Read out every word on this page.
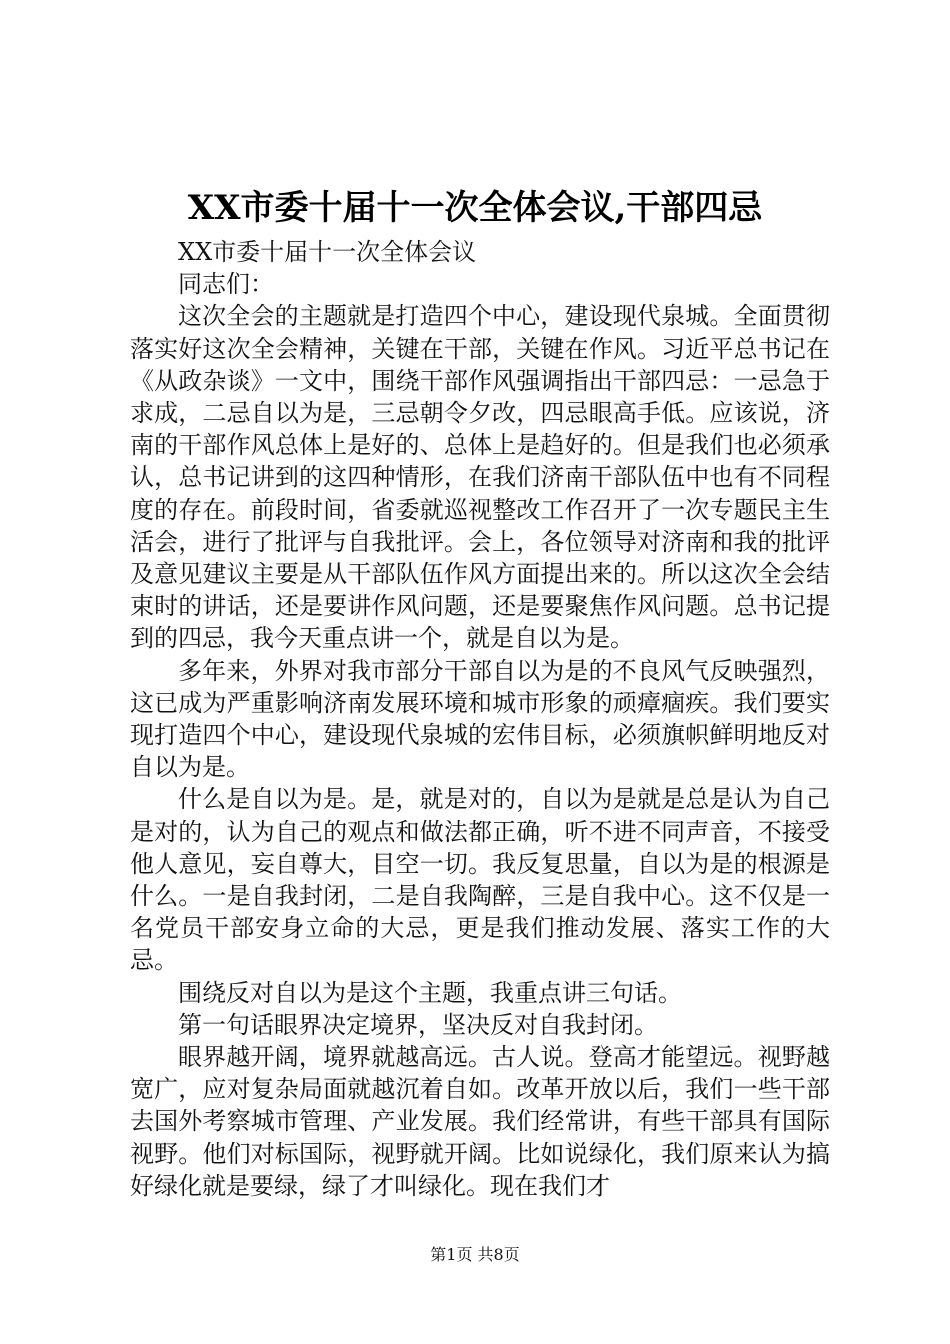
XX市委十届十一次全体会议,干部四忌

XX市委十届十一次全体会议

同志们：

这次全会的主题就是打造四个中心，建设现代泉城。全面贯彻落实好这次全会精神，关键在干部，关键在作风。习近平总书记在《从政杂谈》一文中，围绕干部作风强调指出干部四忌：一忌急于求成，二忌自以为是，三忌朝令夕改，四忌眼高手低。应该说，济南的干部作风总体上是好的、总体上是趋好的。但是我们也必须承认，总书记讲到的这四种情形，在我们济南干部队伍中也有不同程度的存在。前段时间，省委就巡视整改工作召开了一次专题民主生活会，进行了批评与自我批评。会上，各位领导对济南和我的批评及意见建议主要是从干部队伍作风方面提出来的。所以这次全会结束时的讲话，还是要讲作风问题，还是要聚焦作风问题。总书记提到的四忌，我今天重点讲一个，就是自以为是。

多年来，外界对我市部分干部自以为是的不良风气反映强烈，这已成为严重影响济南发展环境和城市形象的顽瘴痼疾。我们要实现打造四个中心，建设现代泉城的宏伟目标，必须旗帜鲜明地反对自以为是。

什么是自以为是。是，就是对的，自以为是就是总是认为自己是对的，认为自己的观点和做法都正确，听不进不同声音，不接受他人意见，妄自尊大，目空一切。我反复思量，自以为是的根源是什么。一是自我封闭，二是自我陶醉，三是自我中心。这不仅是一名党员干部安身立命的大忌，更是我们推动发展、落实工作的大忌。

围绕反对自以为是这个主题，我重点讲三句话。

第一句话眼界决定境界，坚决反对自我封闭。

眼界越开阔，境界就越高远。古人说。登高才能望远。视野越宽广，应对复杂局面就越沉着自如。改革开放以后，我们一些干部去国外考察城市管理、产业发展。我们经常讲，有些干部具有国际视野。他们对标国际，视野就开阔。比如说绿化，我们原来认为搞好绿化就是要绿，绿了才叫绿化。现在我们才

第1页 共8页
